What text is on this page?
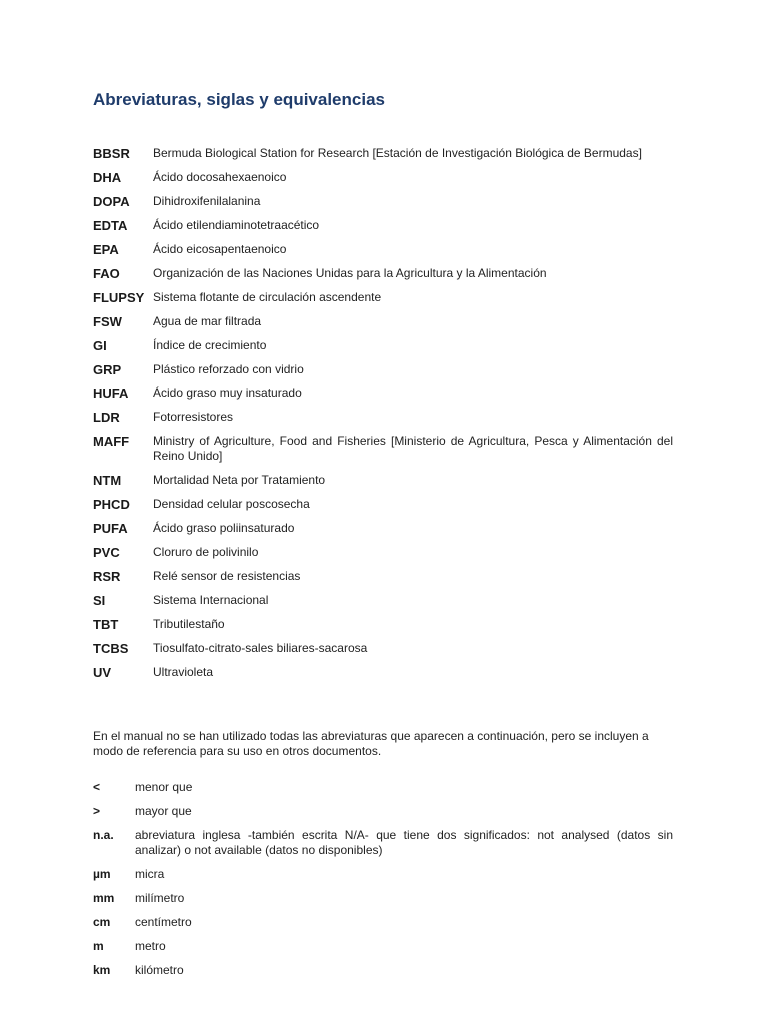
Abreviaturas, siglas y equivalencias
BBSR	Bermuda Biological Station for Research [Estación de Investigación Biológica de Bermudas]
DHA	Ácido docosahexaenoico
DOPA	Dihidroxifenilalanina
EDTA	Ácido etilendiaminotetraacético
EPA	Ácido eicosapentaenoico
FAO	Organización de las Naciones Unidas para la Agricultura y la Alimentación
FLUPSY Sistema flotante de circulación ascendente
FSW	Agua de mar filtrada
GI	Índice de crecimiento
GRP	Plástico reforzado con vidrio
HUFA	Ácido graso muy insaturado
LDR	Fotorresistores
MAFF	Ministry of Agriculture, Food and Fisheries [Ministerio de Agricultura, Pesca y Alimentación del Reino Unido]
NTM	Mortalidad Neta por Tratamiento
PHCD	Densidad celular poscosecha
PUFA	Ácido graso poliinsaturado
PVC	Cloruro de polivinilo
RSR	Relé sensor de resistencias
SI	Sistema Internacional
TBT	Tributilestaño
TCBS	Tiosulfato-citrato-sales biliares-sacarosa
UV	Ultravioleta

En el manual no se han utilizado todas las abreviaturas que aparecen a continuación, pero se incluyen a modo de referencia para su uso en otros documentos.

<	menor que
>	mayor que
n.a.	abreviatura inglesa -también escrita N/A- que tiene dos significados: not analysed (datos sin analizar) o not available (datos no disponibles)
µm	micra
mm	milímetro
cm	centímetro
m	metro
km	kilómetro
